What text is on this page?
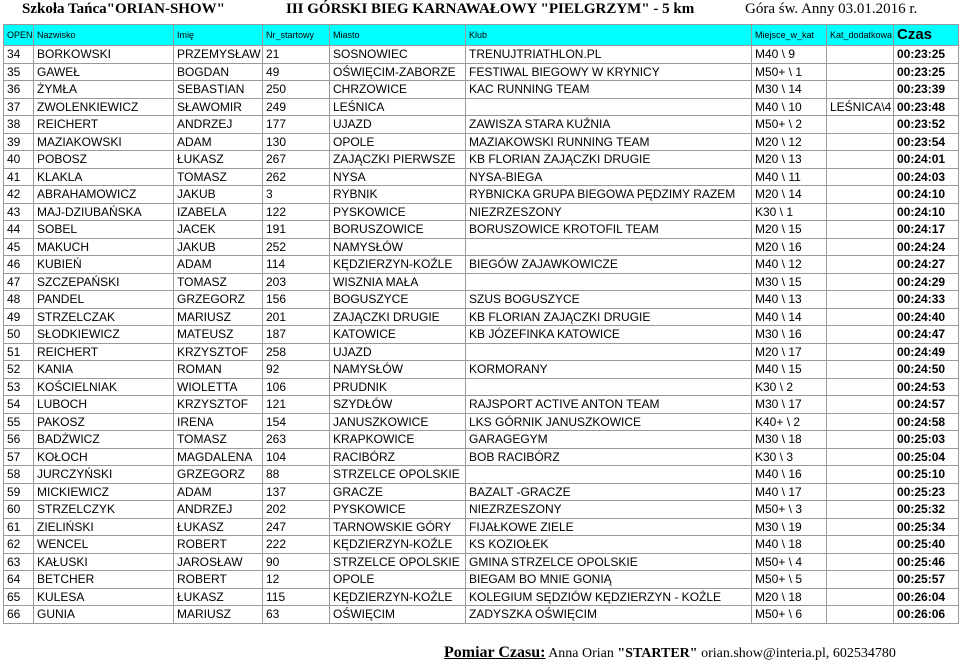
Szkoła Tańca"ORIAN-SHOW"	III GÓRSKI BIEG KARNAWAŁOWY "PIELGRZYM" - 5 km	Góra św. Anny 03.01.2016 r.
OPEN	Nazwisko	Imię	Nr_startowy	Miasto	Klub	Miejsce_w_kat	Kat_dodatkowa	Czas
34	BORKOWSKI	PRZEMYSŁAW	21	SOSNOWIEC	TRENUJTRIATHLON.PL	M40 \ 9		00:23:25
35	GAWEŁ	BOGDAN	49	OŚWIĘCIM-ZABORZE	FESTIWAL BIEGOWY W KRYNICY	M50+ \ 1		00:23:25
36	ŻYMŁA	SEBASTIAN	250	CHRZOWICE	KAC RUNNING TEAM	M30 \ 14		00:23:39
37	ZWOLENKIEWICZ	SŁAWOMIR	249	LEŚNICA		M40 \ 10	LEŚNICA\4	00:23:48
38	REICHERT	ANDRZEJ	177	UJAZD	ZAWISZA STARA KUŹNIA	M50+ \ 2		00:23:52
39	MAZIAKOWSKI	ADAM	130	OPOLE	MAZIAKOWSKI RUNNING TEAM	M20 \ 12		00:23:54
40	POBOSZ	ŁUKASZ	267	ZAJĄCZKI PIERWSZE	KB FLORIAN ZAJĄCZKI DRUGIE	M20 \ 13		00:24:01
41	KLAKLA	TOMASZ	262	NYSA	NYSA-BIEGA	M40 \ 11		00:24:03
42	ABRAHAMOWICZ	JAKUB	3	RYBNIK	RYBNICKA GRUPA BIEGOWA PĘDZIMY RAZEM	M20 \ 14		00:24:10
43	MAJ-DZIUBAŃSKA	IZABELA	122	PYSKOWICE	NIEZRZESZONY	K30 \ 1		00:24:10
44	SOBEL	JACEK	191	BORUSZOWICE	BORUSZOWICE KROTOFIL TEAM	M20 \ 15		00:24:17
45	MAKUCH	JAKUB	252	NAMYSŁÓW		M20 \ 16		00:24:24
46	KUBIEŃ	ADAM	114	KĘDZIERZYN-KOŹLE	BIEGÓW ZAJAWKOWICZE	M40 \ 12		00:24:27
47	SZCZEPAŃSKI	TOMASZ	203	WISZNIA MAŁA		M30 \ 15		00:24:29
48	PANDEL	GRZEGORZ	156	BOGUSZYCE	SZUS BOGUSZYCE	M40 \ 13		00:24:33
49	STRZELCZAK	MARIUSZ	201	ZAJĄCZKI DRUGIE	KB FLORIAN ZAJĄCZKI DRUGIE	M40 \ 14		00:24:40
50	SŁODKIEWICZ	MATEUSZ	187	KATOWICE	KB JÓZEFINKA KATOWICE	M30 \ 16		00:24:47
51	REICHERT	KRZYSZTOF	258	UJAZD		M20 \ 17		00:24:49
52	KANIA	ROMAN	92	NAMYSŁÓW	KORMORANY	M40 \ 15		00:24:50
53	KOŚCIELNIAK	WIOLETTA	106	PRUDNIK		K30 \ 2		00:24:53
54	LUBOCH	KRZYSZTOF	121	SZYDŁÓW	RAJSPORT ACTIVE ANTON TEAM	M30 \ 17		00:24:57
55	PAKOSZ	IRENA	154	JANUSZKOWICE	LKS GÓRNIK JANUSZKOWICE	K40+ \ 2		00:24:58
56	BADŻWICZ	TOMASZ	263	KRAPKOWICE	GARAGEGYM	M30 \ 18		00:25:03
57	KOŁOCH	MAGDALENA	104	RACIBÓRZ	BOB RACIBÓRZ	K30 \ 3		00:25:04
58	JURCZYŃSKI	GRZEGORZ	88	STRZELCE OPOLSKIE		M40 \ 16		00:25:10
59	MICKIEWICZ	ADAM	137	GRACZE	BAZALT -GRACZE	M40 \ 17		00:25:23
60	STRZELCZYK	ANDRZEJ	202	PYSKOWICE	NIEZRZESZONY	M50+ \ 3		00:25:32
61	ZIELIŃSKI	ŁUKASZ	247	TARNOWSKIE GÓRY	FIJAŁKOWE ZIELE	M30 \ 19		00:25:34
62	WENCEL	ROBERT	222	KĘDZIERZYN-KOŹLE	KS KOZIOŁEK	M40 \ 18		00:25:40
63	KAŁUSKI	JAROSŁAW	90	STRZELCE OPOLSKIE	GMINA STRZELCE OPOLSKIE	M50+ \ 4		00:25:46
64	BETCHER	ROBERT	12	OPOLE	BIEGAM BO MNIE GONIĄ	M50+ \ 5		00:25:57
65	KULESA	ŁUKASZ	115	KĘDZIERZYN-KOŹLE	KOLEGIUM SĘDZIÓW KĘDZIERZYN - KOŹLE	M20 \ 18		00:26:04
66	GUNIA	MARIUSZ	63	OŚWIĘCIM	ZADYSZKA OŚWIĘCIM	M50+ \ 6		00:26:06
Pomiar Czasu: Anna Orian "STARTER" orian.show@interia.pl, 602534780
